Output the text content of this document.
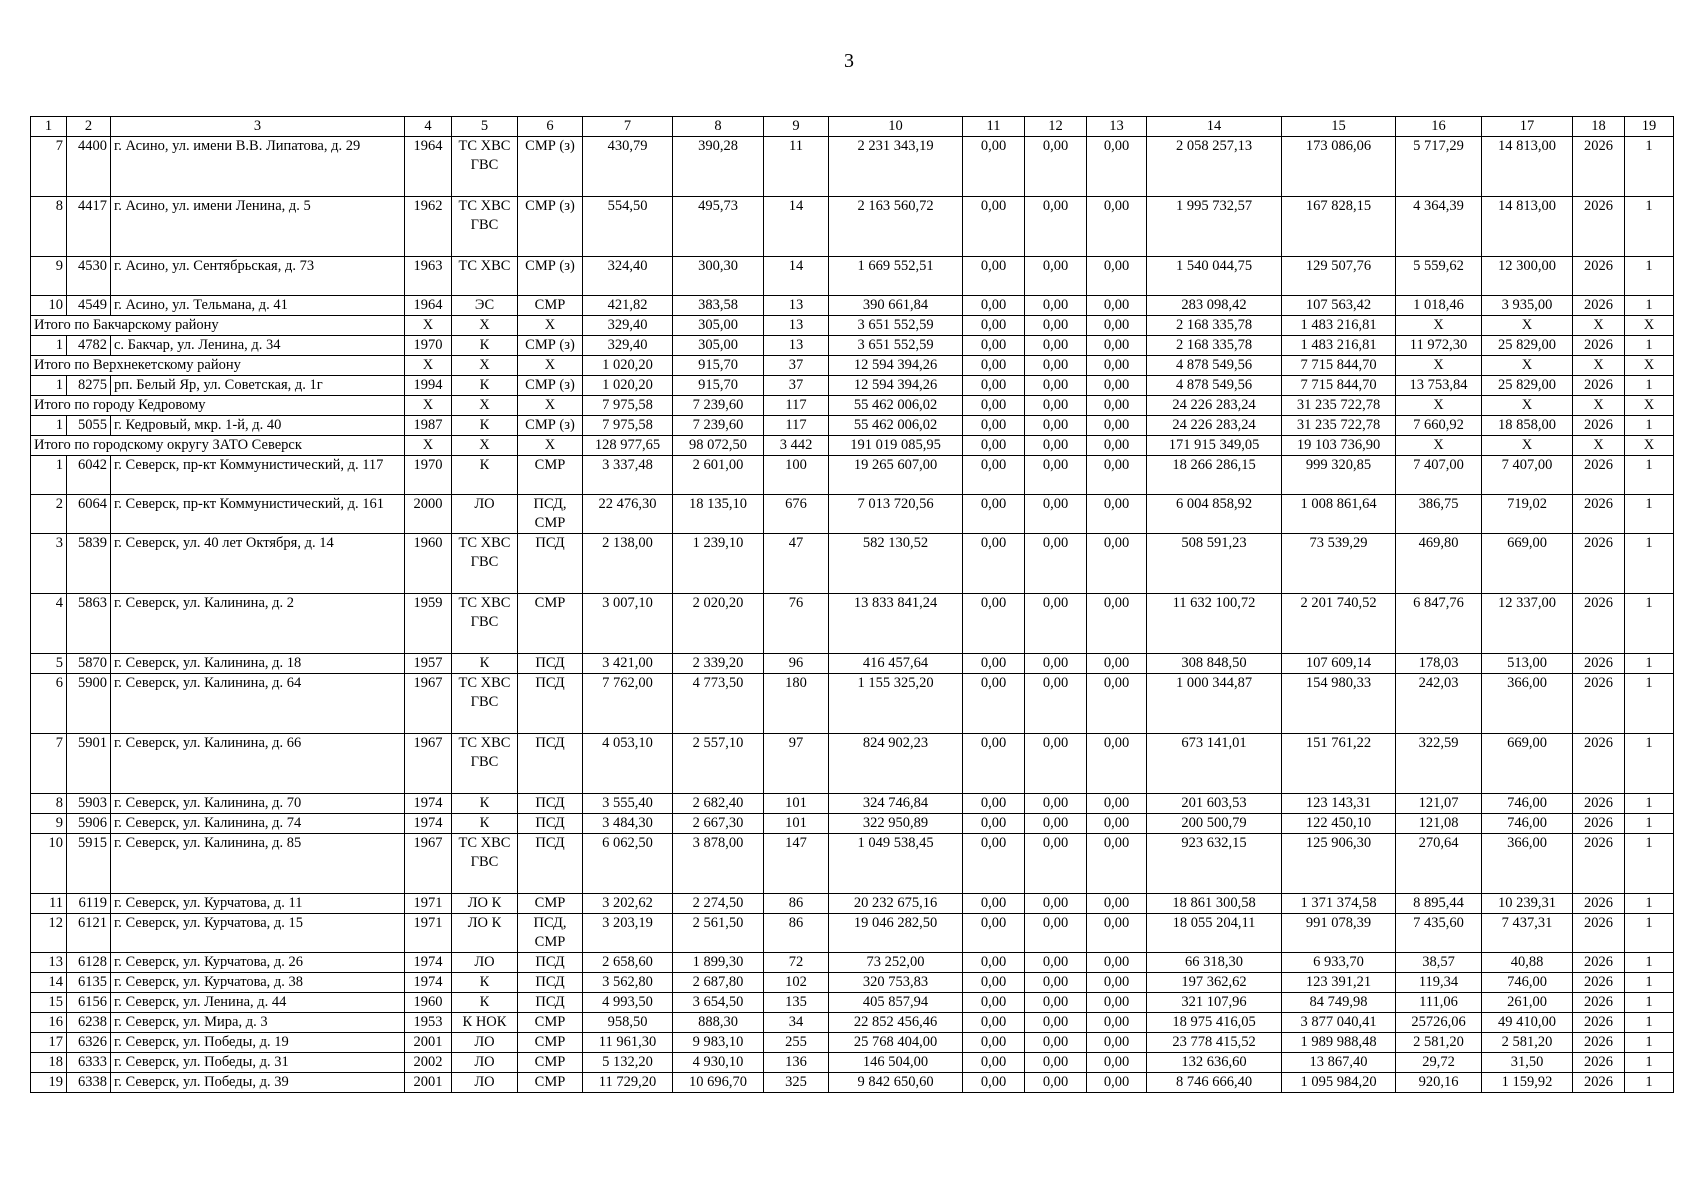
3
1	2	3	4	5	6	7	8	9	10	11	12	13	14	15	16	17	18	19
7	4400	г. Асино, ул. имени В.В. Липатова, д. 29	1964	ТС ХВС ГВС	СМР (з)	430,79	390,28	11	2 231 343,19	0,00	0,00	0,00	2 058 257,13	173 086,06	5 717,29	14 813,00	2026	1
8	4417	г. Асино, ул. имени Ленина, д. 5	1962	ТС ХВС ГВС	СМР (з)	554,50	495,73	14	2 163 560,72	0,00	0,00	0,00	1 995 732,57	167 828,15	4 364,39	14 813,00	2026	1
9	4530	г. Асино, ул. Сентябрьская, д. 73	1963	ТС ХВС	СМР (з)	324,40	300,30	14	1 669 552,51	0,00	0,00	0,00	1 540 044,75	129 507,76	5 559,62	12 300,00	2026	1
10	4549	г. Асино, ул. Тельмана, д. 41	1964	ЭС	СМР	421,82	383,58	13	390 661,84	0,00	0,00	0,00	283 098,42	107 563,42	1 018,46	3 935,00	2026	1
Итого по Бакчарскому району			X	X	X	329,40	305,00	13	3 651 552,59	0,00	0,00	0,00	2 168 335,78	1 483 216,81	X	X	X	X
1	4782	с. Бакчар, ул. Ленина, д. 34	1970	К	СМР (з)	329,40	305,00	13	3 651 552,59	0,00	0,00	0,00	2 168 335,78	1 483 216,81	11 972,30	25 829,00	2026	1
Итого по Верхнекетскому району			X	X	X	1 020,20	915,70	37	12 594 394,26	0,00	0,00	0,00	4 878 549,56	7 715 844,70	X	X	X	X
1	8275	рп. Белый Яр, ул. Советская, д. 1г	1994	К	СМР (з)	1 020,20	915,70	37	12 594 394,26	0,00	0,00	0,00	4 878 549,56	7 715 844,70	13 753,84	25 829,00	2026	1
Итого по городу Кедровому			X	X	X	7 975,58	7 239,60	117	55 462 006,02	0,00	0,00	0,00	24 226 283,24	31 235 722,78	X	X	X	X
1	5055	г. Кедровый, мкр. 1-й, д. 40	1987	К	СМР (з)	7 975,58	7 239,60	117	55 462 006,02	0,00	0,00	0,00	24 226 283,24	31 235 722,78	7 660,92	18 858,00	2026	1
Итого по городскому округу ЗАТО Северск			X	X	X	128 977,65	98 072,50	3 442	191 019 085,95	0,00	0,00	0,00	171 915 349,05	19 103 736,90	X	X	X	X
1	6042	г. Северск, пр-кт Коммунистический, д. 117	1970	К	СМР	3 337,48	2 601,00	100	19 265 607,00	0,00	0,00	0,00	18 266 286,15	999 320,85	7 407,00	7 407,00	2026	1
2	6064	г. Северск, пр-кт Коммунистический, д. 161	2000	ЛО	ПСД, СМР	22 476,30	18 135,10	676	7 013 720,56	0,00	0,00	0,00	6 004 858,92	1 008 861,64	386,75	719,02	2026	1
3	5839	г. Северск, ул. 40 лет Октября, д. 14	1960	ТС ХВС ГВС	ПСД	2 138,00	1 239,10	47	582 130,52	0,00	0,00	0,00	508 591,23	73 539,29	469,80	669,00	2026	1
4	5863	г. Северск, ул. Калинина, д. 2	1959	ТС ХВС ГВС	СМР	3 007,10	2 020,20	76	13 833 841,24	0,00	0,00	0,00	11 632 100,72	2 201 740,52	6 847,76	12 337,00	2026	1
5	5870	г. Северск, ул. Калинина, д. 18	1957	К	ПСД	3 421,00	2 339,20	96	416 457,64	0,00	0,00	0,00	308 848,50	107 609,14	178,03	513,00	2026	1
6	5900	г. Северск, ул. Калинина, д. 64	1967	ТС ХВС ГВС	ПСД	7 762,00	4 773,50	180	1 155 325,20	0,00	0,00	0,00	1 000 344,87	154 980,33	242,03	366,00	2026	1
7	5901	г. Северск, ул. Калинина, д. 66	1967	ТС ХВС ГВС	ПСД	4 053,10	2 557,10	97	824 902,23	0,00	0,00	0,00	673 141,01	151 761,22	322,59	669,00	2026	1
8	5903	г. Северск, ул. Калинина, д. 70	1974	К	ПСД	3 555,40	2 682,40	101	324 746,84	0,00	0,00	0,00	201 603,53	123 143,31	121,07	746,00	2026	1
9	5906	г. Северск, ул. Калинина, д. 74	1974	К	ПСД	3 484,30	2 667,30	101	322 950,89	0,00	0,00	0,00	200 500,79	122 450,10	121,08	746,00	2026	1
10	5915	г. Северск, ул. Калинина, д. 85	1967	ТС ХВС ГВС	ПСД	6 062,50	3 878,00	147	1 049 538,45	0,00	0,00	0,00	923 632,15	125 906,30	270,64	366,00	2026	1
11	6119	г. Северск, ул. Курчатова, д. 11	1971	ЛО К	СМР	3 202,62	2 274,50	86	20 232 675,16	0,00	0,00	0,00	18 861 300,58	1 371 374,58	8 895,44	10 239,31	2026	1
12	6121	г. Северск, ул. Курчатова, д. 15	1971	ЛО К	ПСД, СМР	3 203,19	2 561,50	86	19 046 282,50	0,00	0,00	0,00	18 055 204,11	991 078,39	7 435,60	7 437,31	2026	1
13	6128	г. Северск, ул. Курчатова, д. 26	1974	ЛО	ПСД	2 658,60	1 899,30	72	73 252,00	0,00	0,00	0,00	66 318,30	6 933,70	38,57	40,88	2026	1
14	6135	г. Северск, ул. Курчатова, д. 38	1974	К	ПСД	3 562,80	2 687,80	102	320 753,83	0,00	0,00	0,00	197 362,62	123 391,21	119,34	746,00	2026	1
15	6156	г. Северск, ул. Ленина, д. 44	1960	К	ПСД	4 993,50	3 654,50	135	405 857,94	0,00	0,00	0,00	321 107,96	84 749,98	111,06	261,00	2026	1
16	6238	г. Северск, ул. Мира, д. 3	1953	К НОК	СМР	958,50	888,30	34	22 852 456,46	0,00	0,00	0,00	18 975 416,05	3 877 040,41	25726,06	49 410,00	2026	1
17	6326	г. Северск, ул. Победы, д. 19	2001	ЛО	СМР	11 961,30	9 983,10	255	25 768 404,00	0,00	0,00	0,00	23 778 415,52	1 989 988,48	2 581,20	2 581,20	2026	1
18	6333	г. Северск, ул. Победы, д. 31	2002	ЛО	СМР	5 132,20	4 930,10	136	146 504,00	0,00	0,00	0,00	132 636,60	13 867,40	29,72	31,50	2026	1
19	6338	г. Северск, ул. Победы, д. 39	2001	ЛО	СМР	11 729,20	10 696,70	325	9 842 650,60	0,00	0,00	0,00	8 746 666,40	1 095 984,20	920,16	1 159,92	2026	1
